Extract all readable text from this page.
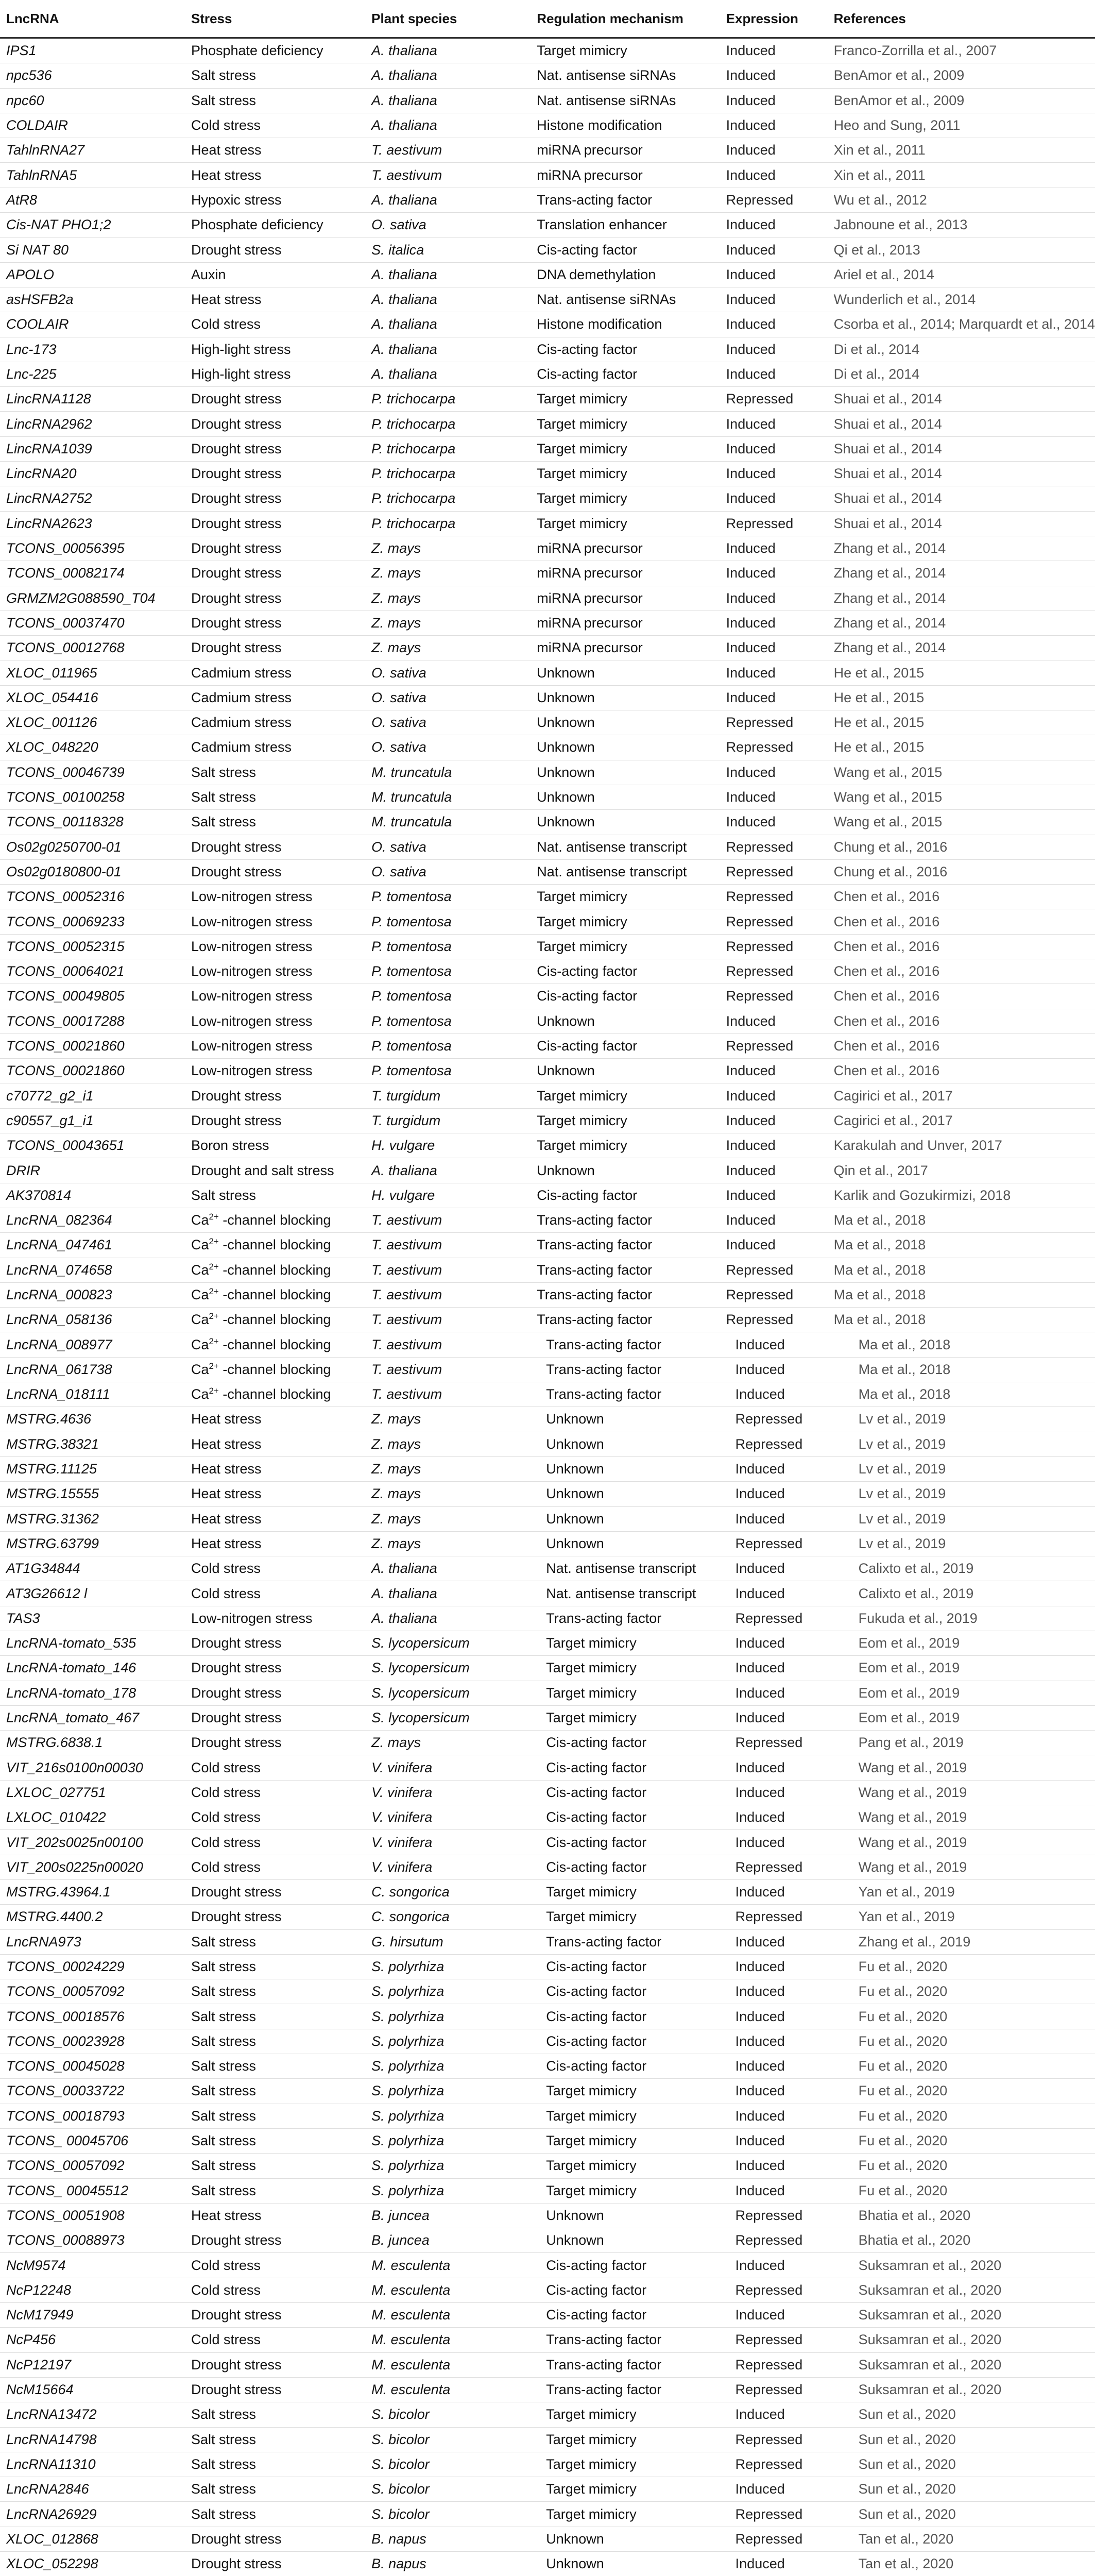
LncRNA	Stress	Plant species	Regulation mechanism	Expression	References
IPS1	Phosphate deficiency	A. thaliana	Target mimicry	Induced	Franco-Zorrilla et al., 2007
npc536	Salt stress	A. thaliana	Nat. antisense siRNAs	Induced	BenAmor et al., 2009
npc60	Salt stress	A. thaliana	Nat. antisense siRNAs	Induced	BenAmor et al., 2009
COLDAIR	Cold stress	A. thaliana	Histone modification	Induced	Heo and Sung, 2011
TahlnRNA27	Heat stress	T. aestivum	miRNA precursor	Induced	Xin et al., 2011
TahlnRNA5	Heat stress	T. aestivum	miRNA precursor	Induced	Xin et al., 2011
AtR8	Hypoxic stress	A. thaliana	Trans-acting factor	Repressed	Wu et al., 2012
Cis-NAT PHO1;2	Phosphate deficiency	O. sativa	Translation enhancer	Induced	Jabnoune et al., 2013
Si NAT 80	Drought stress	S. italica	Cis-acting factor	Induced	Qi et al., 2013
APOLO	Auxin	A. thaliana	DNA demethylation	Induced	Ariel et al., 2014
asHSFB2a	Heat stress	A. thaliana	Nat. antisense siRNAs	Induced	Wunderlich et al., 2014
COOLAIR	Cold stress	A. thaliana	Histone modification	Induced	Csorba et al., 2014; Marquardt et al., 2014
Lnc-173	High-light stress	A. thaliana	Cis-acting factor	Induced	Di et al., 2014
Lnc-225	High-light stress	A. thaliana	Cis-acting factor	Induced	Di et al., 2014
LincRNA1128	Drought stress	P. trichocarpa	Target mimicry	Repressed	Shuai et al., 2014
LincRNA2962	Drought stress	P. trichocarpa	Target mimicry	Induced	Shuai et al., 2014
LincRNA1039	Drought stress	P. trichocarpa	Target mimicry	Induced	Shuai et al., 2014
LincRNA20	Drought stress	P. trichocarpa	Target mimicry	Induced	Shuai et al., 2014
LincRNA2752	Drought stress	P. trichocarpa	Target mimicry	Induced	Shuai et al., 2014
LincRNA2623	Drought stress	P. trichocarpa	Target mimicry	Repressed	Shuai et al., 2014
TCONS_00056395	Drought stress	Z. mays	miRNA precursor	Induced	Zhang et al., 2014
TCONS_00082174	Drought stress	Z. mays	miRNA precursor	Induced	Zhang et al., 2014
GRMZM2G088590_T04	Drought stress	Z. mays	miRNA precursor	Induced	Zhang et al., 2014
TCONS_00037470	Drought stress	Z. mays	miRNA precursor	Induced	Zhang et al., 2014
TCONS_00012768	Drought stress	Z. mays	miRNA precursor	Induced	Zhang et al., 2014
XLOC_011965	Cadmium stress	O. sativa	Unknown	Induced	He et al., 2015
XLOC_054416	Cadmium stress	O. sativa	Unknown	Induced	He et al., 2015
XLOC_001126	Cadmium stress	O. sativa	Unknown	Repressed	He et al., 2015
XLOC_048220	Cadmium stress	O. sativa	Unknown	Repressed	He et al., 2015
TCONS_00046739	Salt stress	M. truncatula	Unknown	Induced	Wang et al., 2015
TCONS_00100258	Salt stress	M. truncatula	Unknown	Induced	Wang et al., 2015
TCONS_00118328	Salt stress	M. truncatula	Unknown	Induced	Wang et al., 2015
Os02g0250700-01	Drought stress	O. sativa	Nat. antisense transcript	Repressed	Chung et al., 2016
Os02g0180800-01	Drought stress	O. sativa	Nat. antisense transcript	Repressed	Chung et al., 2016
TCONS_00052316	Low-nitrogen stress	P. tomentosa	Target mimicry	Repressed	Chen et al., 2016
TCONS_00069233	Low-nitrogen stress	P. tomentosa	Target mimicry	Repressed	Chen et al., 2016
TCONS_00052315	Low-nitrogen stress	P. tomentosa	Target mimicry	Repressed	Chen et al., 2016
TCONS_00064021	Low-nitrogen stress	P. tomentosa	Cis-acting factor	Repressed	Chen et al., 2016
TCONS_00049805	Low-nitrogen stress	P. tomentosa	Cis-acting factor	Repressed	Chen et al., 2016
TCONS_00017288	Low-nitrogen stress	P. tomentosa	Unknown	Induced	Chen et al., 2016
TCONS_00021860	Low-nitrogen stress	P. tomentosa	Cis-acting factor	Repressed	Chen et al., 2016
TCONS_00021860	Low-nitrogen stress	P. tomentosa	Unknown	Induced	Chen et al., 2016
c70772_g2_i1	Drought stress	T. turgidum	Target mimicry	Induced	Cagirici et al., 2017
c90557_g1_i1	Drought stress	T. turgidum	Target mimicry	Induced	Cagirici et al., 2017
TCONS_00043651	Boron stress	H. vulgare	Target mimicry	Induced	Karakulah and Unver, 2017
DRIR	Drought and salt stress	A. thaliana	Unknown	Induced	Qin et al., 2017
AK370814	Salt stress	H. vulgare	Cis-acting factor	Induced	Karlik and Gozukirmizi, 2018
LncRNA_082364	$Ca^{2+}$ -channel blocking	T. aestivum	Trans-acting factor	Induced	Ma et al., 2018
LncRNA_047461	$Ca^{2+}$ -channel blocking	T. aestivum	Trans-acting factor	Induced	Ma et al., 2018
LncRNA_074658	$Ca^{2+}$ -channel blocking	T. aestivum	Trans-acting factor	Repressed	Ma et al., 2018
LncRNA_000823	$Ca^{2+}$ -channel blocking	T. aestivum	Trans-acting factor	Repressed	Ma et al., 2018
LncRNA_058136	$Ca^{2+}$ -channel blocking	T. aestivum	Trans-acting factor	Repressed	Ma et al., 2018
LncRNA_008977	$Ca^{2+}$ -channel blocking	T. aestivum	Trans-acting factor	Induced	Ma et al., 2018
LncRNA_061738	$Ca^{2+}$ -channel blocking	T. aestivum	Trans-acting factor	Induced	Ma et al., 2018
LncRNA_018111	$Ca^{2+}$ -channel blocking	T. aestivum	Trans-acting factor	Induced	Ma et al., 2018
MSTRG.4636	Heat stress	Z. mays	Unknown	Repressed	Lv et al., 2019
MSTRG.38321	Heat stress	Z. mays	Unknown	Repressed	Lv et al., 2019
MSTRG.11125	Heat stress	Z. mays	Unknown	Induced	Lv et al., 2019
MSTRG.15555	Heat stress	Z. mays	Unknown	Induced	Lv et al., 2019
MSTRG.31362	Heat stress	Z. mays	Unknown	Induced	Lv et al., 2019
MSTRG.63799	Heat stress	Z. mays	Unknown	Repressed	Lv et al., 2019
AT1G34844	Cold stress	A. thaliana	Nat. antisense transcript	Induced	Calixto et al., 2019
AT3G26612 l	Cold stress	A. thaliana	Nat. antisense transcript	Induced	Calixto et al., 2019
TAS3	Low-nitrogen stress	A. thaliana	Trans-acting factor	Repressed	Fukuda et al., 2019
LncRNA-tomato_535	Drought stress	S. lycopersicum	Target mimicry	Induced	Eom et al., 2019
LncRNA-tomato_146	Drought stress	S. lycopersicum	Target mimicry	Induced	Eom et al., 2019
LncRNA-tomato_178	Drought stress	S. lycopersicum	Target mimicry	Induced	Eom et al., 2019
LncRNA_tomato_467	Drought stress	S. lycopersicum	Target mimicry	Induced	Eom et al., 2019
MSTRG.6838.1	Drought stress	Z. mays	Cis-acting factor	Repressed	Pang et al., 2019
VIT_216s0100n00030	Cold stress	V. vinifera	Cis-acting factor	Induced	Wang et al., 2019
LXLOC_027751	Cold stress	V. vinifera	Cis-acting factor	Induced	Wang et al., 2019
LXLOC_010422	Cold stress	V. vinifera	Cis-acting factor	Induced	Wang et al., 2019
VIT_202s0025n00100	Cold stress	V. vinifera	Cis-acting factor	Induced	Wang et al., 2019
VIT_200s0225n00020	Cold stress	V. vinifera	Cis-acting factor	Repressed	Wang et al., 2019
MSTRG.43964.1	Drought stress	C. songorica	Target mimicry	Induced	Yan et al., 2019
MSTRG.4400.2	Drought stress	C. songorica	Target mimicry	Repressed	Yan et al., 2019
LncRNA973	Salt stress	G. hirsutum	Trans-acting factor	Induced	Zhang et al., 2019
TCONS_00024229	Salt stress	S. polyrhiza	Cis-acting factor	Induced	Fu et al., 2020
TCONS_00057092	Salt stress	S. polyrhiza	Cis-acting factor	Induced	Fu et al., 2020
TCONS_00018576	Salt stress	S. polyrhiza	Cis-acting factor	Induced	Fu et al., 2020
TCONS_00023928	Salt stress	S. polyrhiza	Cis-acting factor	Induced	Fu et al., 2020
TCONS_00045028	Salt stress	S. polyrhiza	Cis-acting factor	Induced	Fu et al., 2020
TCONS_00033722	Salt stress	S. polyrhiza	Target mimicry	Induced	Fu et al., 2020
TCONS_00018793	Salt stress	S. polyrhiza	Target mimicry	Induced	Fu et al., 2020
TCONS_ 00045706	Salt stress	S. polyrhiza	Target mimicry	Induced	Fu et al., 2020
TCONS_00057092	Salt stress	S. polyrhiza	Target mimicry	Induced	Fu et al., 2020
TCONS_ 00045512	Salt stress	S. polyrhiza	Target mimicry	Induced	Fu et al., 2020
TCONS_00051908	Heat stress	B. juncea	Unknown	Repressed	Bhatia et al., 2020
TCONS_00088973	Drought stress	B. juncea	Unknown	Repressed	Bhatia et al., 2020
NcM9574	Cold stress	M. esculenta	Cis-acting factor	Induced	Suksamran et al., 2020
NcP12248	Cold stress	M. esculenta	Cis-acting factor	Repressed	Suksamran et al., 2020
NcM17949	Drought stress	M. esculenta	Cis-acting factor	Induced	Suksamran et al., 2020
NcP456	Cold stress	M. esculenta	Trans-acting factor	Repressed	Suksamran et al., 2020
NcP12197	Drought stress	M. esculenta	Trans-acting factor	Repressed	Suksamran et al., 2020
NcM15664	Drought stress	M. esculenta	Trans-acting factor	Repressed	Suksamran et al., 2020
LncRNA13472	Salt stress	S. bicolor	Target mimicry	Induced	Sun et al., 2020
LncRNA14798	Salt stress	S. bicolor	Target mimicry	Repressed	Sun et al., 2020
LncRNA11310	Salt stress	S. bicolor	Target mimicry	Repressed	Sun et al., 2020
LncRNA2846	Salt stress	S. bicolor	Target mimicry	Induced	Sun et al., 2020
LncRNA26929	Salt stress	S. bicolor	Target mimicry	Repressed	Sun et al., 2020
XLOC_012868	Drought stress	B. napus	Unknown	Repressed	Tan et al., 2020
XLOC_052298	Drought stress	B. napus	Unknown	Induced	Tan et al., 2020
